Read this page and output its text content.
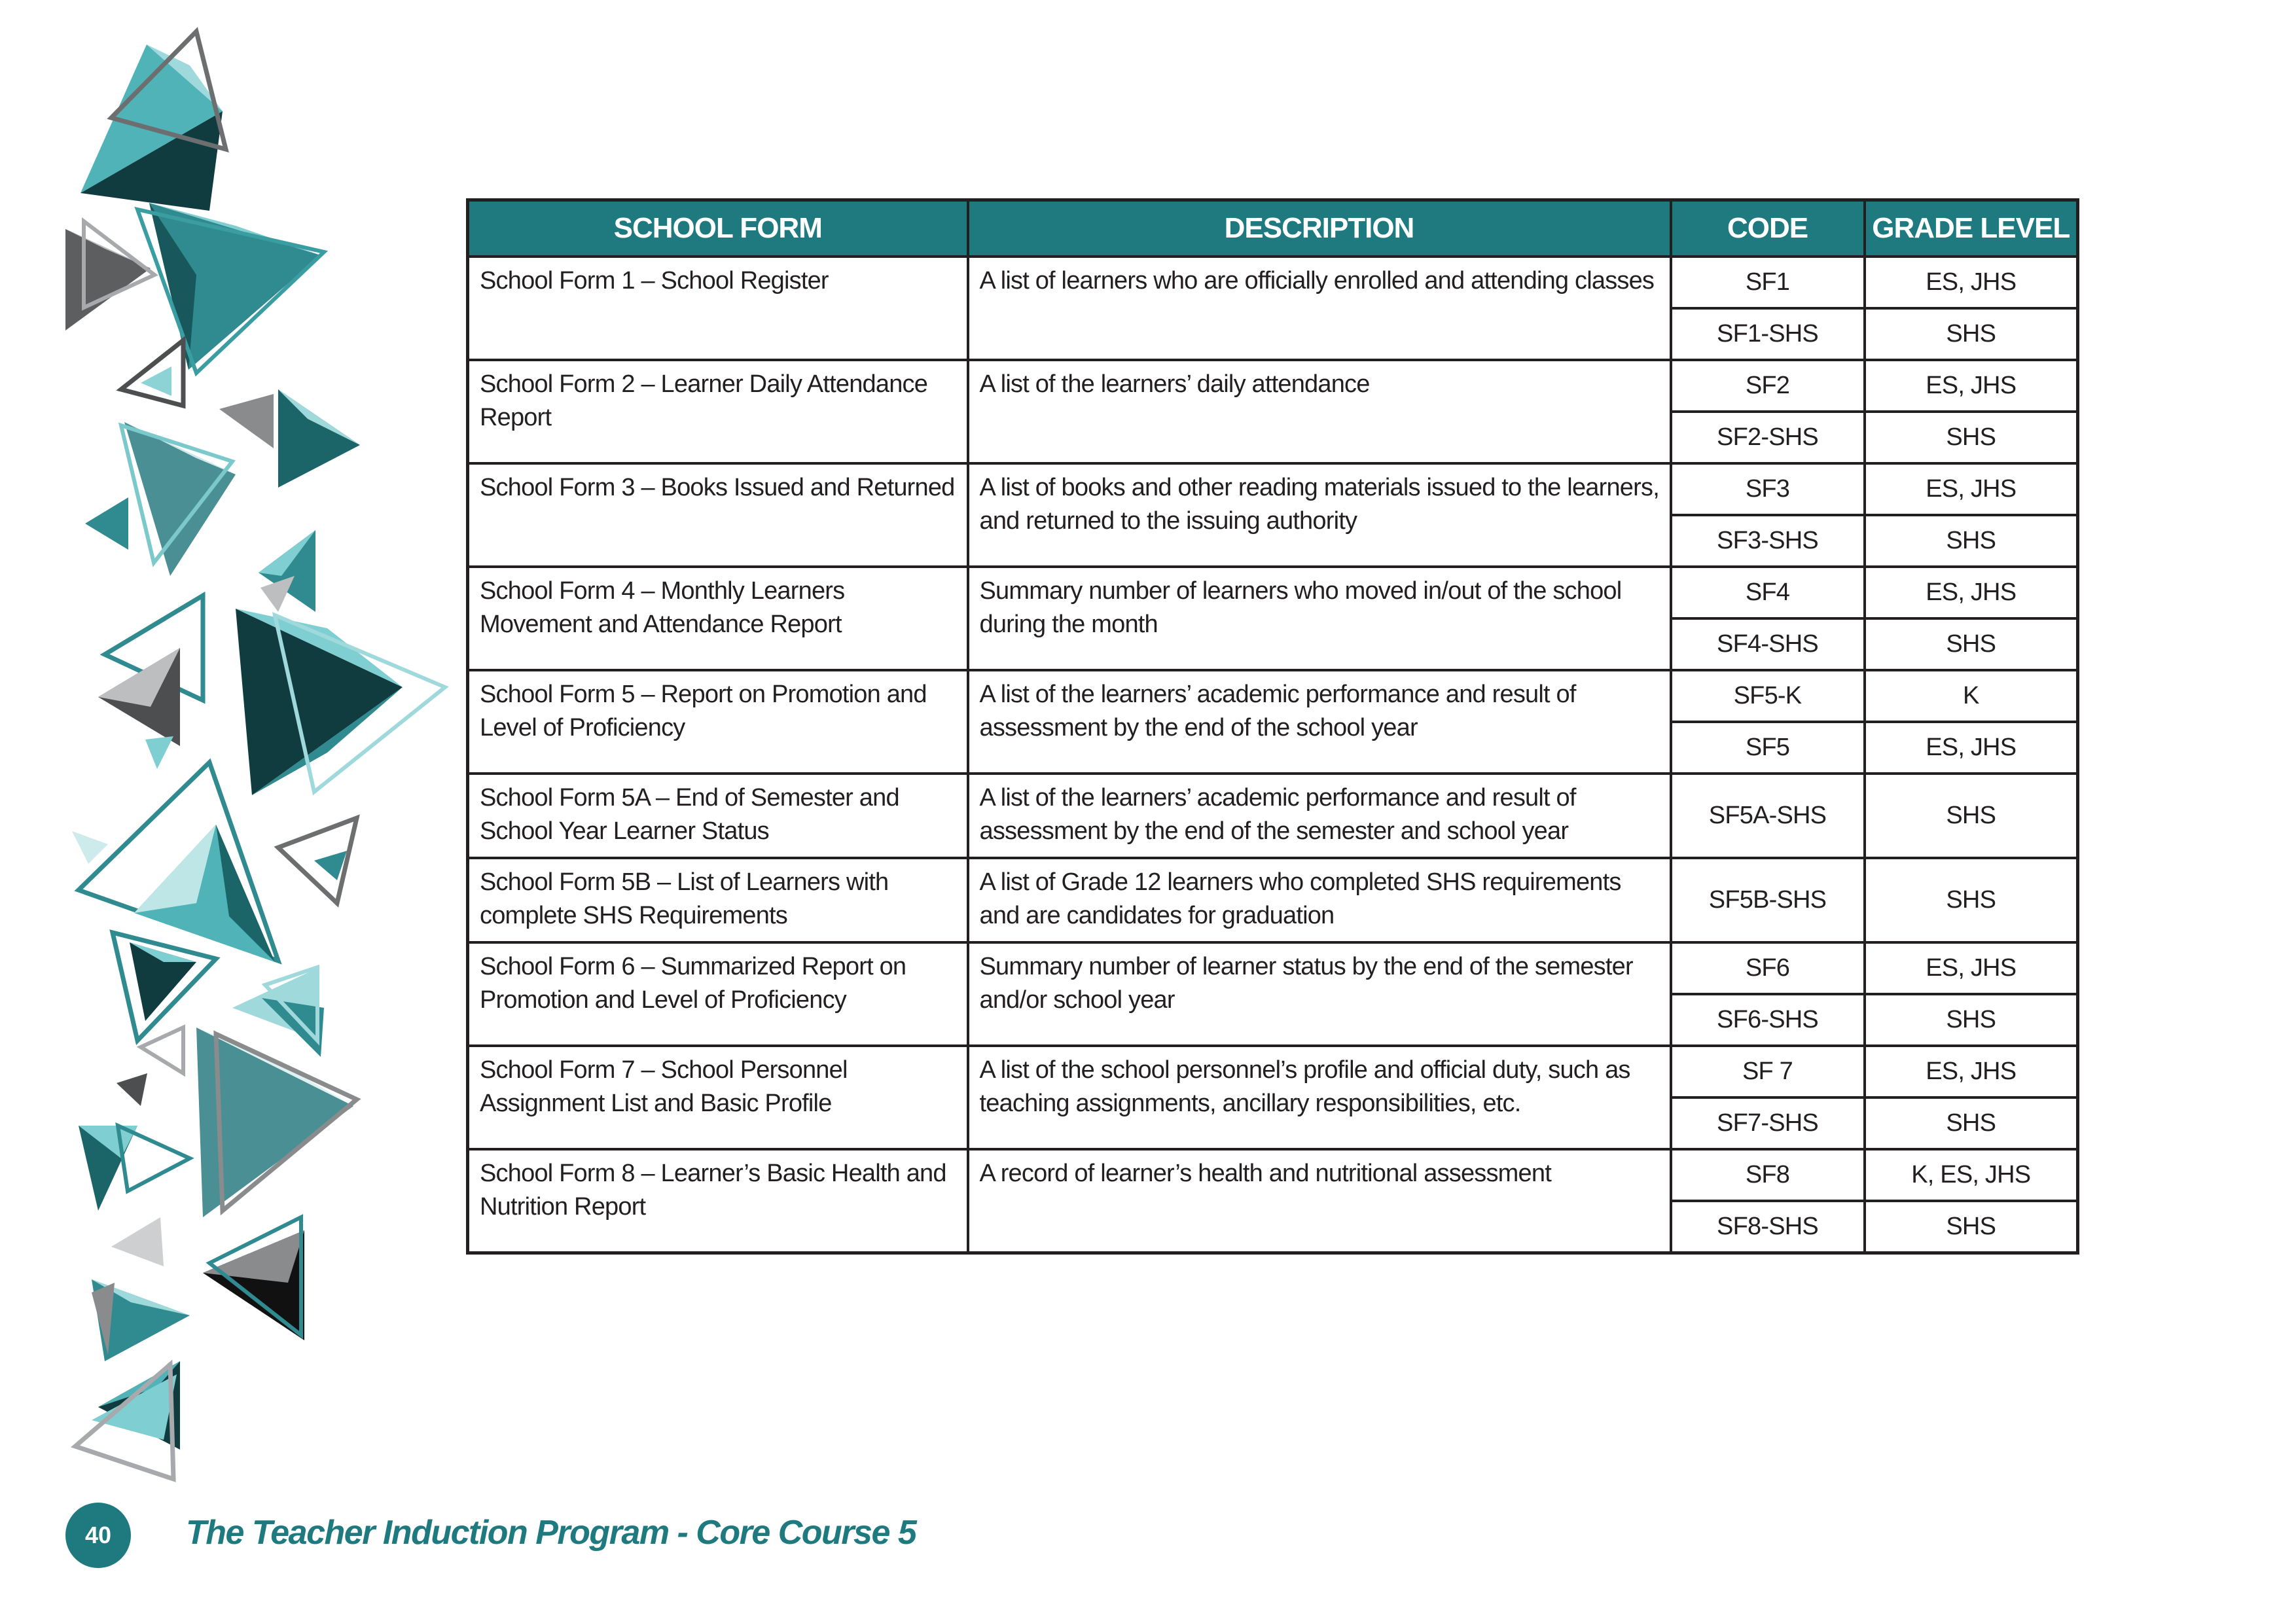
SCHOOL FORM	DESCRIPTION	CODE	GRADE LEVEL
School Form 1 – School Register	A list of learners who are officially enrolled and attending classes	SF1	ES, JHS
		SF1-SHS	SHS
School Form 2 – Learner Daily Attendance Report	A list of the learners’ daily attendance	SF2	ES, JHS
		SF2-SHS	SHS
School Form 3 – Books Issued and Returned	A list of books and other reading materials issued to the learners, and returned to the issuing authority	SF3	ES, JHS
		SF3-SHS	SHS
School Form 4 – Monthly Learners Movement and Attendance Report	Summary number of learners who moved in/out of the school during the month	SF4	ES, JHS
		SF4-SHS	SHS
School Form 5 – Report on Promotion and Level of Proficiency	A list of the learners’ academic performance and result of assessment by the end of the school year	SF5-K	K
		SF5	ES, JHS
School Form 5A – End of Semester and School Year Learner Status	A list of the learners’ academic performance and result of assessment by the end of the semester and school year	SF5A-SHS	SHS
School Form 5B – List of Learners with complete SHS Requirements	A list of Grade 12 learners who completed SHS requirements and are candidates for graduation	SF5B-SHS	SHS
School Form 6 – Summarized Report on Promotion and Level of Proficiency	Summary number of learner status by the end of the semester and/or school year	SF6	ES, JHS
		SF6-SHS	SHS
School Form 7 – School Personnel Assignment List and Basic Profile	A list of the school personnel’s profile and official duty, such as teaching assignments, ancillary responsibilities, etc.	SF 7	ES, JHS
		SF7-SHS	SHS
School Form 8 – Learner’s Basic Health and Nutrition Report	A record of learner’s health and nutritional assessment	SF8	K, ES, JHS
		SF8-SHS	SHS
40	The Teacher Induction Program - Core Course 5
